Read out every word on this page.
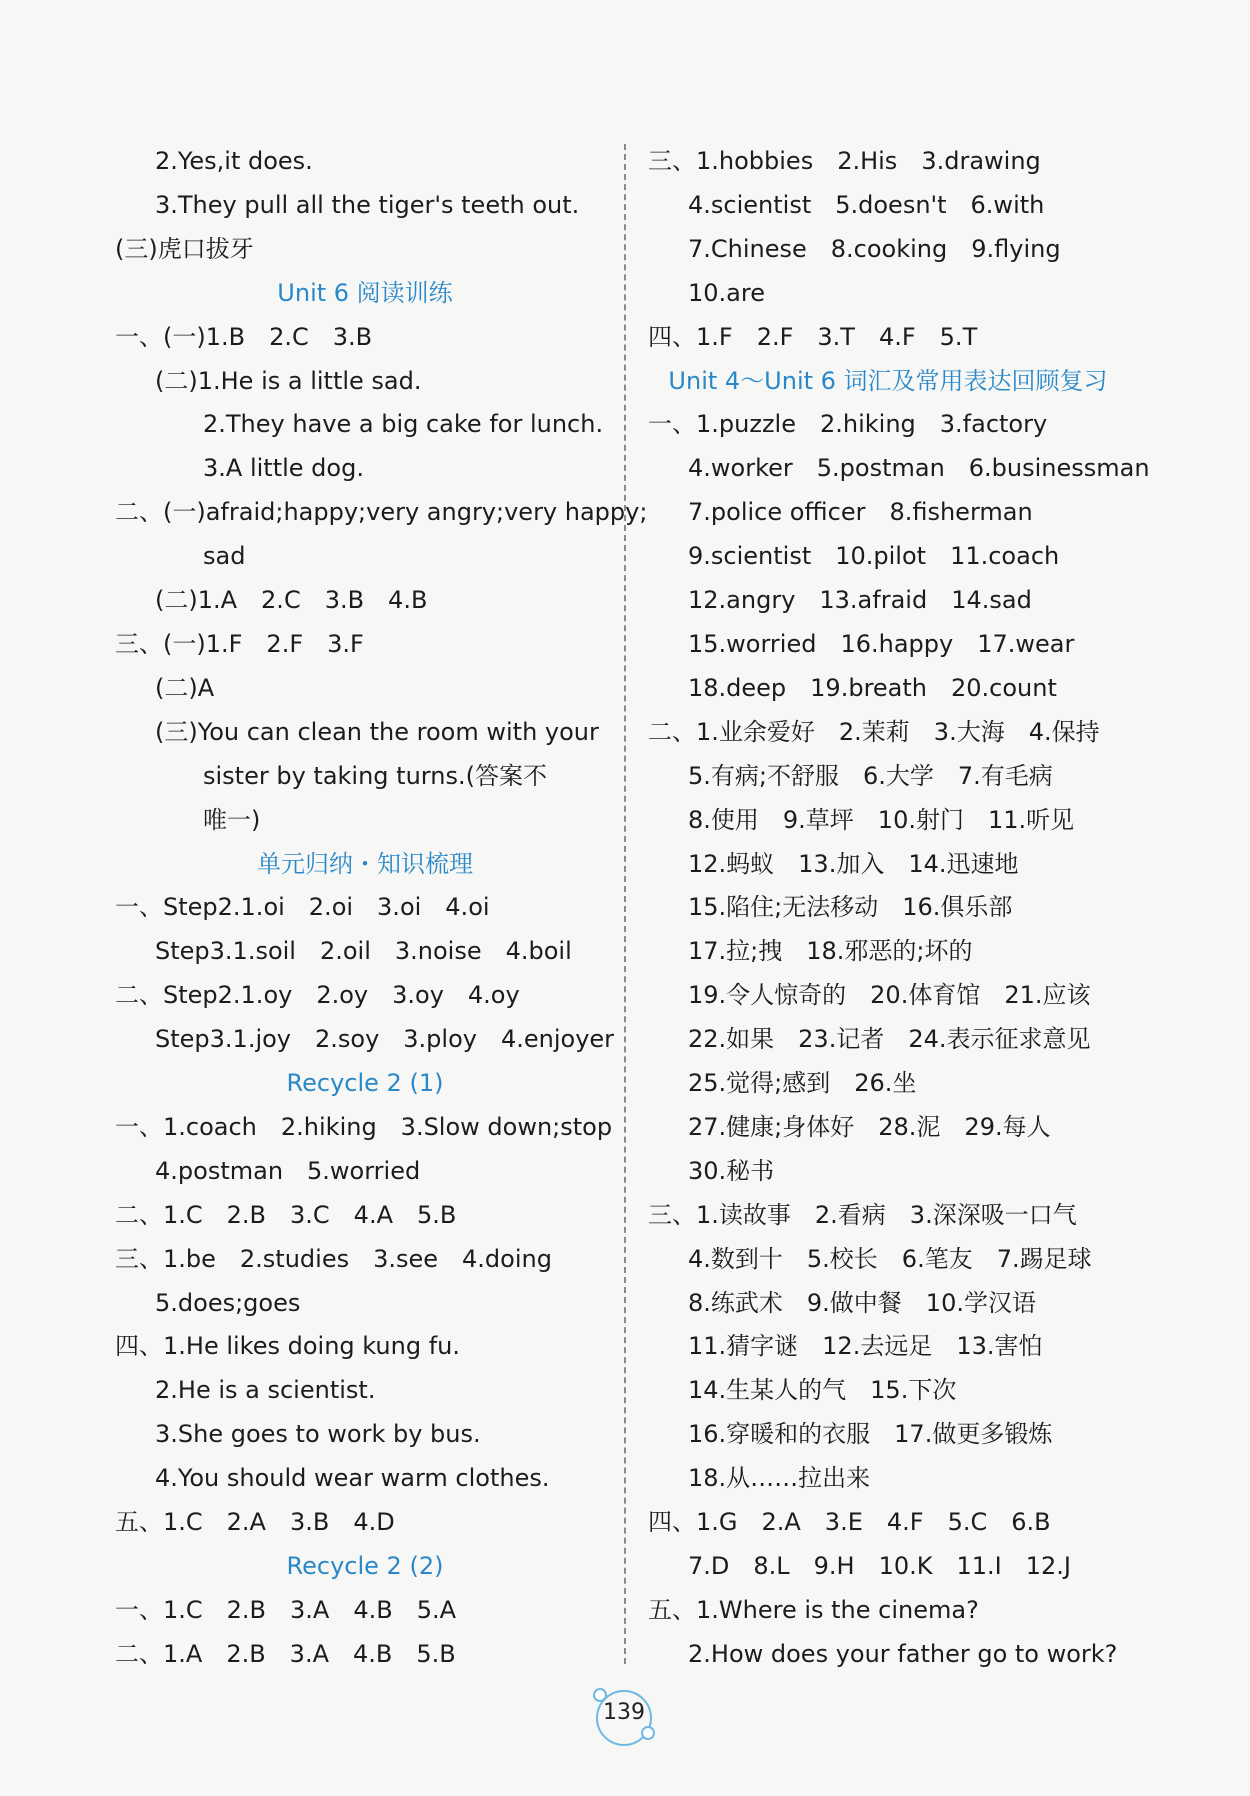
2.Yes,it does.
3.They pull all the tiger's teeth out.
(三)虎口拔牙
Unit 6 阅读训练
一、(一)1.B　2.C　3.B
(二)1.He is a little sad.
2.They have a big cake for lunch.
3.A little dog.
二、(一)afraid;happy;very angry;very happy;
sad
(二)1.A　2.C　3.B　4.B
三、(一)1.F　2.F　3.F
(二)A
(三)You can clean the room with your
sister by taking turns.(答案不
唯一)
单元归纳・知识梳理
一、Step2.1.oi　2.oi　3.oi　4.oi
Step3.1.soil　2.oil　3.noise　4.boil
二、Step2.1.oy　2.oy　3.oy　4.oy
Step3.1.joy　2.soy　3.ploy　4.enjoyer
Recycle 2 (1)
一、1.coach　2.hiking　3.Slow down;stop
4.postman　5.worried
二、1.C　2.B　3.C　4.A　5.B
三、1.be　2.studies　3.see　4.doing
5.does;goes
四、1.He likes doing kung fu.
2.He is a scientist.
3.She goes to work by bus.
4.You should wear warm clothes.
五、1.C　2.A　3.B　4.D
Recycle 2 (2)
一、1.C　2.B　3.A　4.B　5.A
二、1.A　2.B　3.A　4.B　5.B
三、1.hobbies　2.His　3.drawing
4.scientist　5.doesn't　6.with
7.Chinese　8.cooking　9.flying
10.are
四、1.F　2.F　3.T　4.F　5.T
Unit 4～Unit 6 词汇及常用表达回顾复习
一、1.puzzle　2.hiking　3.factory
4.worker　5.postman　6.businessman
7.police officer　8.fisherman
9.scientist　10.pilot　11.coach
12.angry　13.afraid　14.sad
15.worried　16.happy　17.wear
18.deep　19.breath　20.count
二、1.业余爱好　2.茉莉　3.大海　4.保持
5.有病;不舒服　6.大学　7.有毛病
8.使用　9.草坪　10.射门　11.听见
12.蚂蚁　13.加入　14.迅速地
15.陷住;无法移动　16.俱乐部
17.拉;拽　18.邪恶的;坏的
19.令人惊奇的　20.体育馆　21.应该
22.如果　23.记者　24.表示征求意见
25.觉得;感到　26.坐
27.健康;身体好　28.泥　29.每人
30.秘书
三、1.读故事　2.看病　3.深深吸一口气
4.数到十　5.校长　6.笔友　7.踢足球
8.练武术　9.做中餐　10.学汉语
11.猜字谜　12.去远足　13.害怕
14.生某人的气　15.下次
16.穿暖和的衣服　17.做更多锻炼
18.从……拉出来
四、1.G　2.A　3.E　4.F　5.C　6.B
7.D　8.L　9.H　10.K　11.I　12.J
五、1.Where is the cinema?
2.How does your father go to work?
139
